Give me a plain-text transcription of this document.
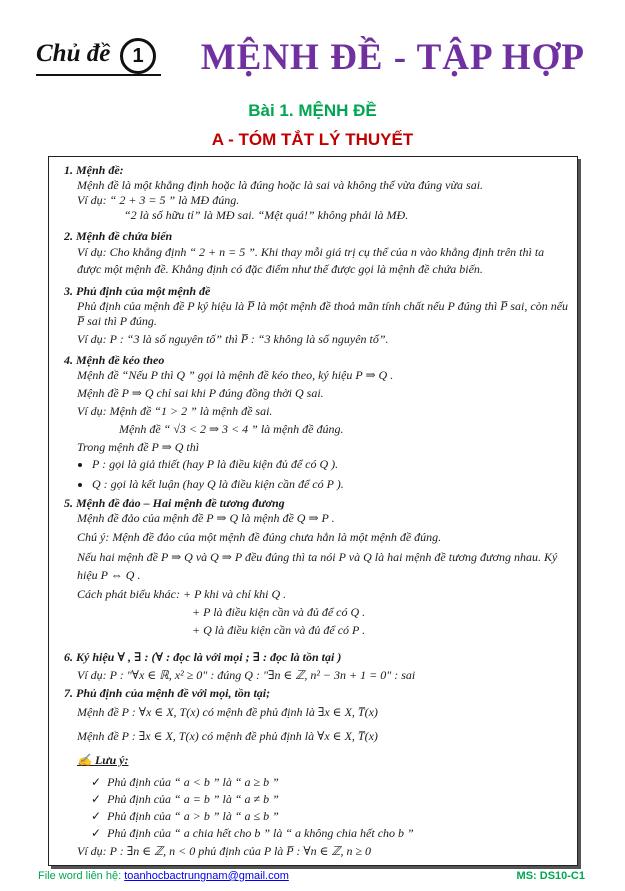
Chủ đề	1	MỆNH ĐỀ - TẬP HỢP
Bài 1. MỆNH ĐỀ
A - TÓM TẮT LÝ THUYẾT

1. Mệnh đề:

Mệnh đề là một khẳng định hoặc là đúng hoặc là sai và không thể vừa đúng vừa sai.

Ví dụ: “ 2 + 3 = 5 ” là MĐ đúng.

“2 là số hữu tỉ” là MĐ sai. “Mệt quá!” không phải là MĐ.

2. Mệnh đề chứa biến

Ví dụ: Cho khẳng định “ 2 + n = 5 ”. Khi thay mỗi giá trị cụ thể của n vào khẳng định trên thì ta được một mệnh đề. Khẳng định có đặc điểm như thế được gọi là mệnh đề chứa biến.

3. Phủ định của một mệnh đề

Phủ định của mệnh đề P ký hiệu là P̅ là một mệnh đề thoả mãn tính chất nếu P đúng thì P̅ sai, còn nếu P̅ sai thì P đúng.

Ví dụ: P : “3 là số nguyên tố” thì P̅ : “3 không là số nguyên tố”.

4. Mệnh đề kéo theo

Mệnh đề “Nếu P thì Q ” gọi là mệnh đề kéo theo, ký hiệu P ⇒ Q .

Mệnh đề P ⇒ Q chỉ sai khi P đúng đồng thời Q sai.

Ví dụ: Mệnh đề “1 > 2 ” là mệnh đề sai.

Mệnh đề “ √3 < 2 ⇒ 3 < 4 ” là mệnh đề đúng.

Trong mệnh đề P ⇒ Q thì

• P : gọi là giả thiết (hay P là điều kiện đủ để có Q ).
• Q : gọi là kết luận (hay Q là điều kiện cần để có P ).

5. Mệnh đề đảo – Hai mệnh đề tương đương

Mệnh đề đảo của mệnh đề P ⇒ Q là mệnh đề Q ⇒ P .

Chú ý: Mệnh đề đảo của một mệnh đề đúng chưa hẳn là một mệnh đề đúng.

Nếu hai mệnh đề P ⇒ Q và Q ⇒ P đều đúng thì ta nói P và Q là hai mệnh đề tương đương nhau. Ký hiệu P ⇔ Q .

Cách phát biểu khác: + P khi và chỉ khi Q .

+ P là điều kiện cần và đủ để có Q .

+ Q là điều kiện cần và đủ để có P .

6. Ký hiệu ∀ , ∃ : (∀ : đọc là với mọi ; ∃ : đọc là tồn tại )

Ví dụ: P : "∀x ∈ ℝ, x² ≥ 0" : đúng Q : "∃n ∈ ℤ, n² − 3n + 1 = 0" : sai

7. Phủ định của mệnh đề với mọi, tồn tại;

Mệnh đề P : ∀x ∈ X, T(x) có mệnh đề phủ định là ∃x ∈ X, T̅(x)

Mệnh đề P : ∃x ∈ X, T(x) có mệnh đề phủ định là ∀x ∈ X, T̅(x)

✍ Lưu ý:

✓ Phủ định của “ a < b ” là “ a ≥ b ”
✓ Phủ định của “ a = b ” là “ a ≠ b ”
✓ Phủ định của “ a > b ” là “ a ≤ b ”
✓ Phủ định của “ a chia hết cho b ” là “ a không chia hết cho b ”

Ví dụ: P : ∃n ∈ ℤ, n < 0 phủ định của P là P̅ : ∀n ∈ ℤ, n ≥ 0

File word liên hệ: toanhocbactrungnam@gmail.com	MS: DS10-C1
